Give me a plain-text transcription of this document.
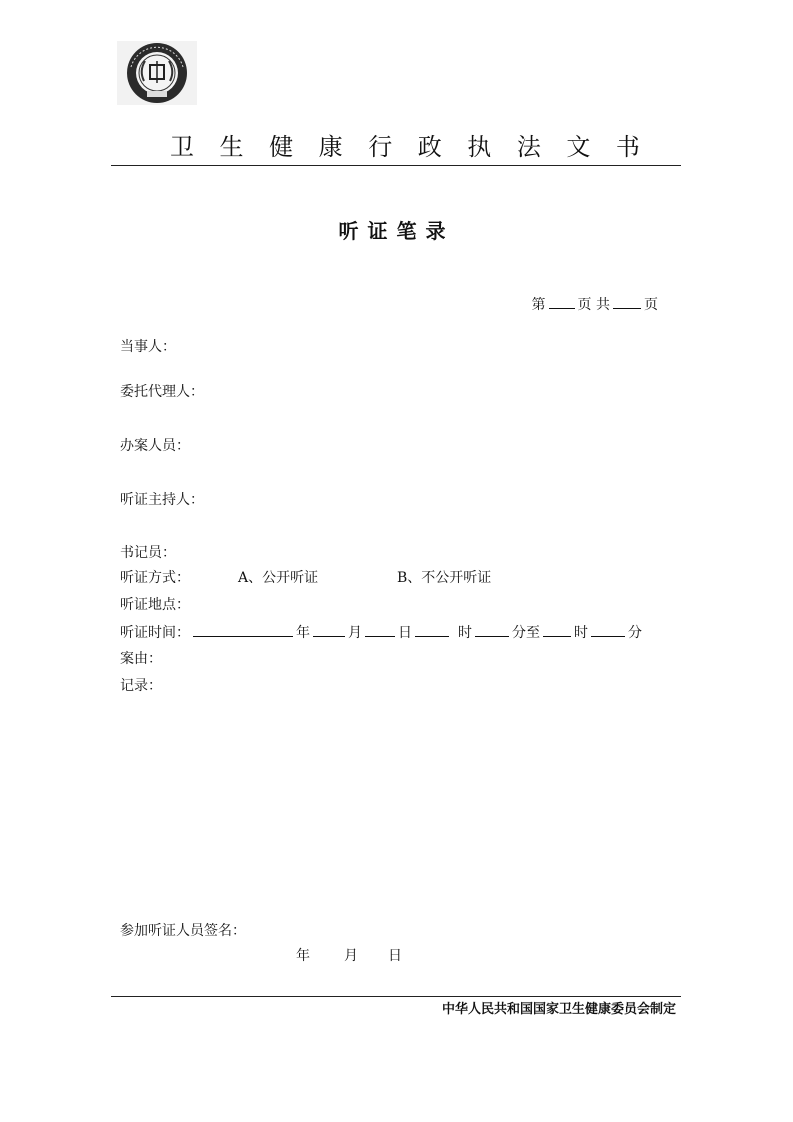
卫 生 健 康 行 政 执 法 文 书
听证笔录
第 页 共 页
当事人：
委托代理人：
办案人员：
听证主持人：
书记员：
听证方式：	A、公开听证	B、不公开听证
听证地点：
听证时间：	年	月	日	时	分至 时	分
案由：
记录：
参加听证人员签名：
年 月 日
中华人民共和国国家卫生健康委员会制定
